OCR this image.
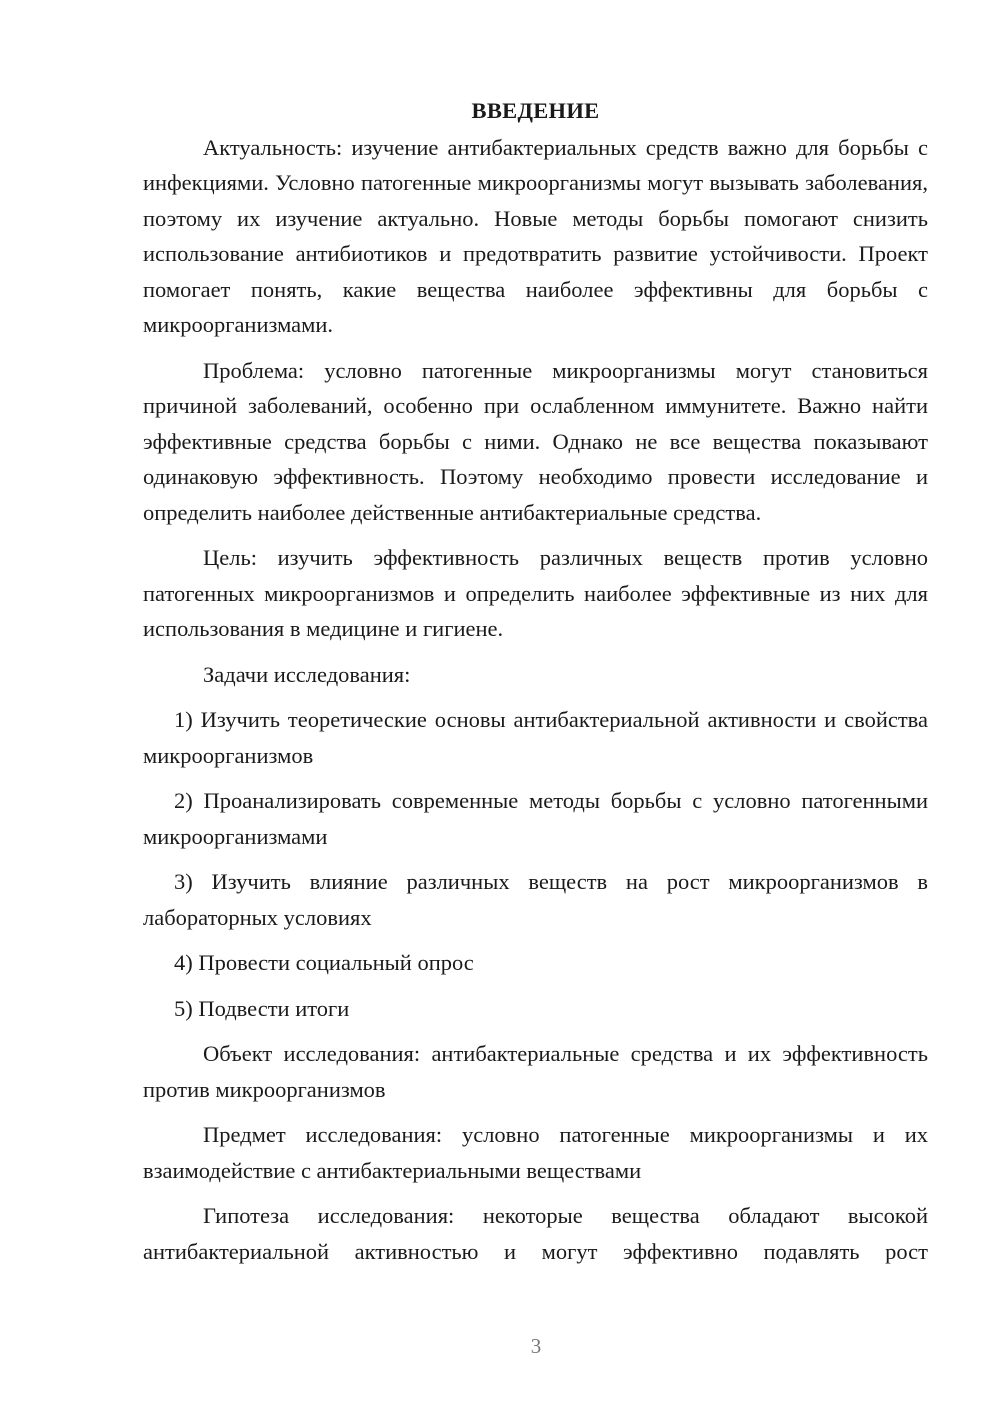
ВВЕДЕНИЕ

Актуальность: изучение антибактериальных средств важно для борьбы с инфекциями. Условно патогенные микроорганизмы могут вызывать заболевания, поэтому их изучение актуально. Новые методы борьбы помогают снизить использование антибиотиков и предотвратить развитие устойчивости. Проект помогает понять, какие вещества наиболее эффективны для борьбы с микроорганизмами.

Проблема: условно патогенные микроорганизмы могут становиться причиной заболеваний, особенно при ослабленном иммунитете. Важно найти эффективные средства борьбы с ними. Однако не все вещества показывают одинаковую эффективность. Поэтому необходимо провести исследование и определить наиболее действенные антибактериальные средства.

Цель: изучить эффективность различных веществ против условно патогенных микроорганизмов и определить наиболее эффективные из них для использования в медицине и гигиене.

Задачи исследования:

1) Изучить теоретические основы антибактериальной активности и свойства микроорганизмов

2) Проанализировать современные методы борьбы с условно патогенными микроорганизмами

3) Изучить влияние различных веществ на рост микроорганизмов в лабораторных условиях

4) Провести социальный опрос

5) Подвести итоги

Объект исследования: антибактериальные средства и их эффективность против микроорганизмов

Предмет исследования: условно патогенные микроорганизмы и их взаимодействие с антибактериальными веществами

Гипотеза исследования: некоторые вещества обладают высокой антибактериальной активностью и могут эффективно подавлять рост

3
